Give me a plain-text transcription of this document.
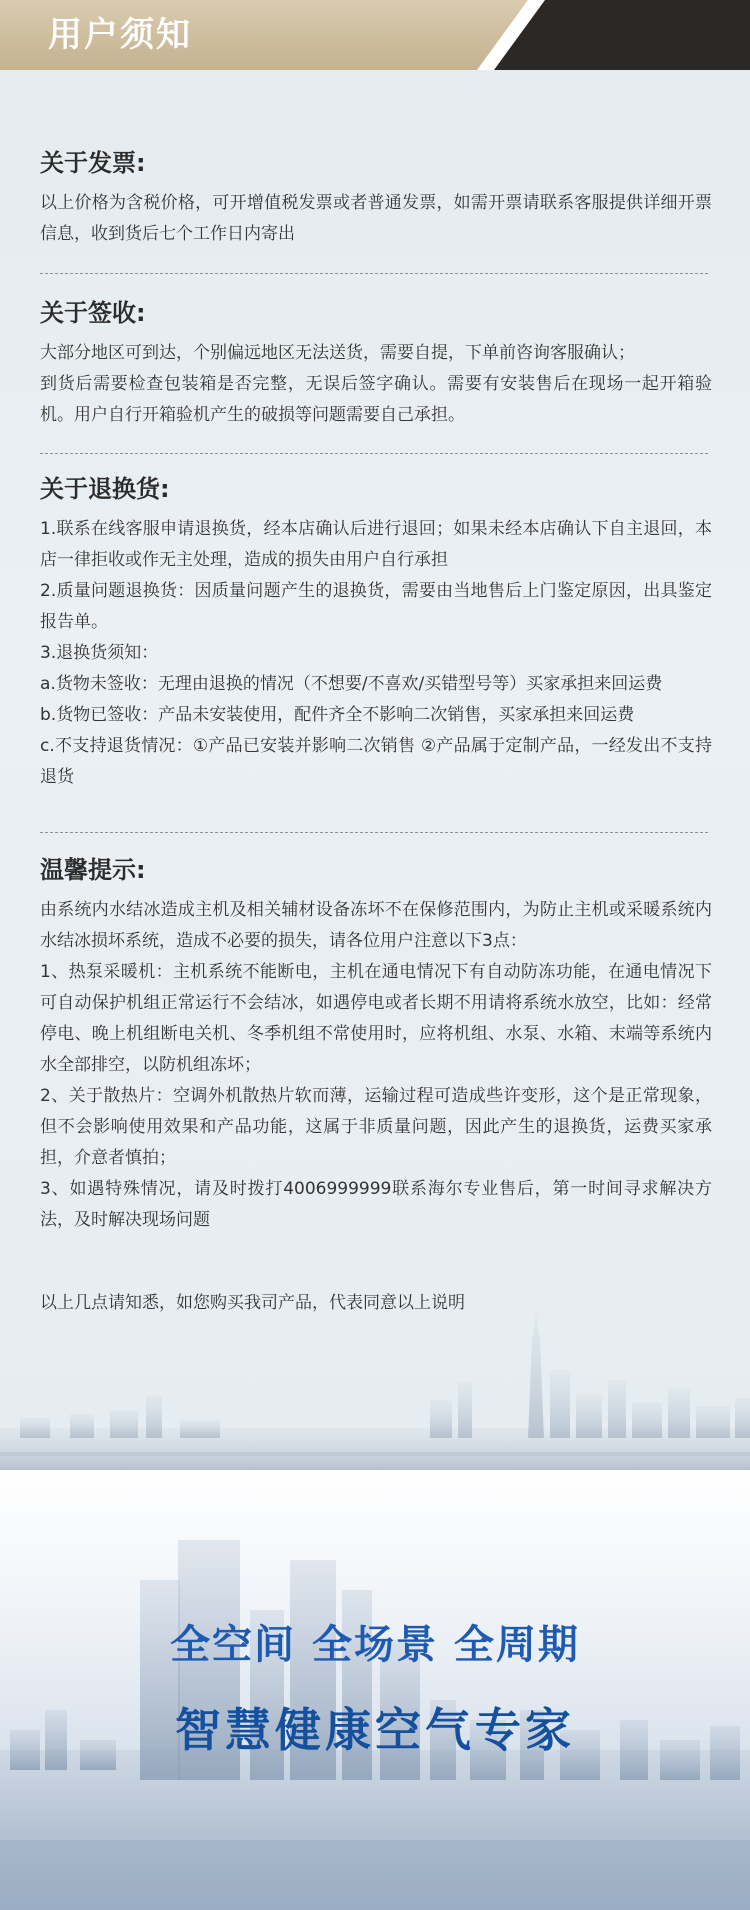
用户须知
关于发票:

以上价格为含税价格，可开增值税发票或者普通发票，如需开票请联系客服提供详细开票信息，收到货后七个工作日内寄出

关于签收:

大部分地区可到达，个别偏远地区无法送货，需要自提，下单前咨询客服确认；

到货后需要检查包装箱是否完整，无误后签字确认。需要有安装售后在现场一起开箱验机。用户自行开箱验机产生的破损等问题需要自己承担。

关于退换货:

1.联系在线客服申请退换货，经本店确认后进行退回；如果未经本店确认下自主退回，本店一律拒收或作无主处理，造成的损失由用户自行承担

2.质量问题退换货：因质量问题产生的退换货，需要由当地售后上门鉴定原因，出具鉴定报告单。

3.退换货须知：

a.货物未签收：无理由退换的情况（不想要/不喜欢/买错型号等）买家承担来回运费

b.货物已签收：产品未安装使用，配件齐全不影响二次销售，买家承担来回运费

c.不支持退货情况：①产品已安装并影响二次销售 ②产品属于定制产品，一经发出不支持退货

温馨提示:

由系统内水结冰造成主机及相关辅材设备冻坏不在保修范围内，为防止主机或采暖系统内水结冰损坏系统，造成不必要的损失，请各位用户注意以下3点：

1、热泵采暖机：主机系统不能断电，主机在通电情况下有自动防冻功能，在通电情况下可自动保护机组正常运行不会结冰，如遇停电或者长期不用请将系统水放空，比如：经常停电、晚上机组断电关机、冬季机组不常使用时，应将机组、水泵、水箱、末端等系统内水全部排空，以防机组冻坏；

2、关于散热片：空调外机散热片软而薄，运输过程可造成些许变形，这个是正常现象，但不会影响使用效果和产品功能，这属于非质量问题，因此产生的退换货，运费买家承担，介意者慎拍；

3、如遇特殊情况，请及时拨打4006999999联系海尔专业售后，第一时间寻求解决方法，及时解决现场问题

以上几点请知悉，如您购买我司产品，代表同意以上说明
全空间 全场景 全周期
智慧健康空气专家
